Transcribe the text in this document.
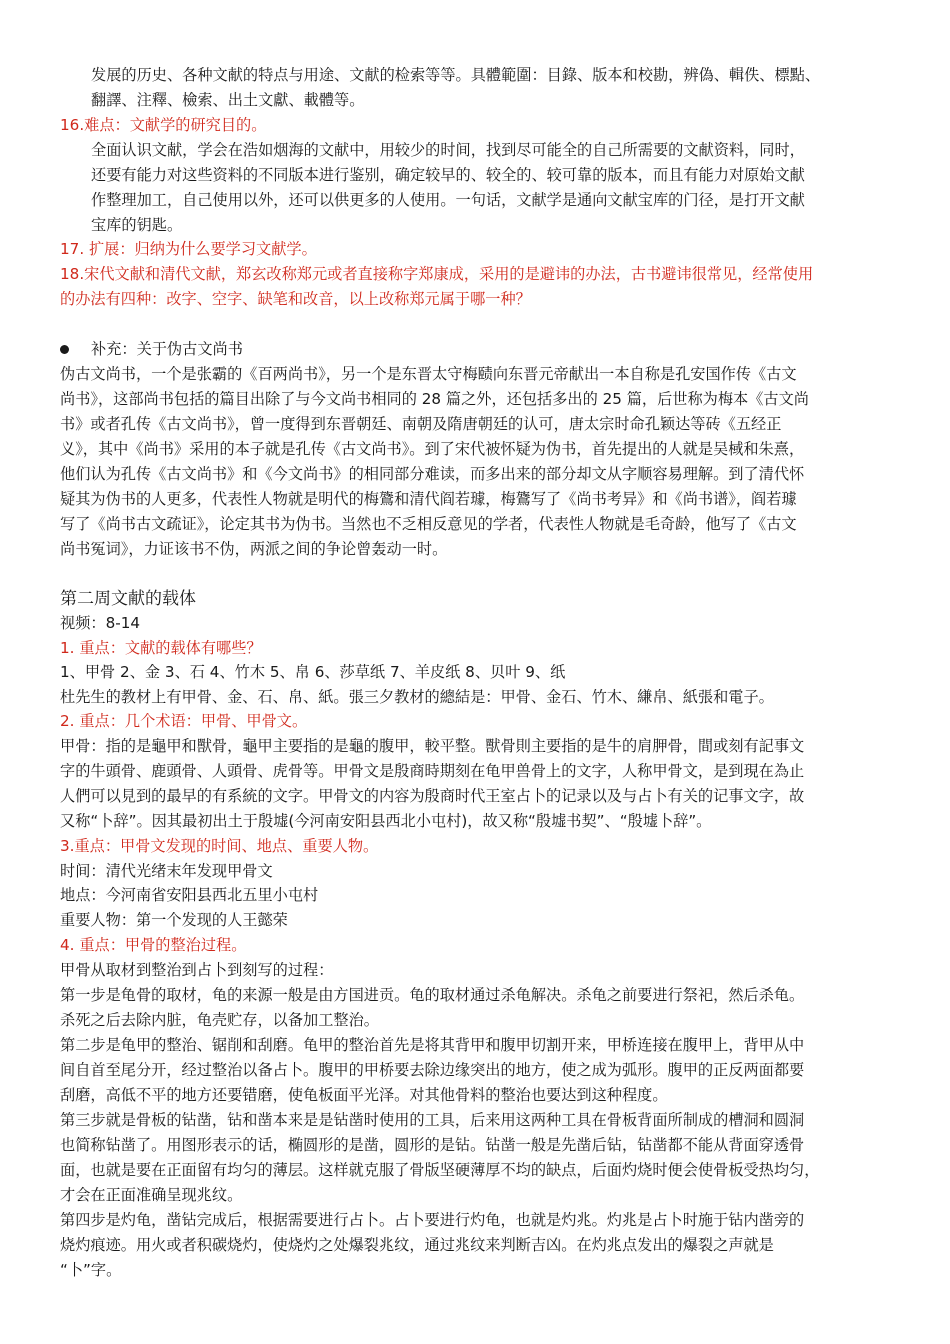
发展的历史、各种文献的特点与用途、文献的检索等等。具體範圍：目錄、版本和校勘，辨偽、輯佚、標點、
翻譯、注釋、檢索、出土文獻、載體等。
16.难点：文献学的研究目的。
全面认识文献，学会在浩如烟海的文献中，用较少的时间，找到尽可能全的自己所需要的文献资料，同时，
还要有能力对这些资料的不同版本进行鉴别，确定较早的、较全的、较可靠的版本，而且有能力对原始文献
作整理加工，自己使用以外，还可以供更多的人使用。一句话，文献学是通向文献宝库的门径，是打开文献
宝库的钥匙。
17. 扩展：归纳为什么要学习文献学。
18.宋代文献和清代文献，郑玄改称郑元或者直接称字郑康成，采用的是避讳的办法，古书避讳很常见，经常使用
的办法有四种：改字、空字、缺笔和改音，以上改称郑元属于哪一种？
补充：关于伪古文尚书
伪古文尚书，一个是张霸的《百两尚书》，另一个是东晋太守梅赜向东晋元帝献出一本自称是孔安国作传《古文
尚书》，这部尚书包括的篇目出除了与今文尚书相同的 28 篇之外，还包括多出的 25 篇，后世称为梅本《古文尚
书》或者孔传《古文尚书》，曾一度得到东晋朝廷、南朝及隋唐朝廷的认可，唐太宗时命孔颖达等砖《五经正
义》，其中《尚书》采用的本子就是孔传《古文尚书》。到了宋代被怀疑为伪书，首先提出的人就是吴棫和朱熹，
他们认为孔传《古文尚书》和《今文尚书》的相同部分难读，而多出来的部分却文从字顺容易理解。到了清代怀
疑其为伪书的人更多，代表性人物就是明代的梅鷟和清代阎若璩，梅鷟写了《尚书考异》和《尚书谱》，阎若璩
写了《尚书古文疏证》，论定其书为伪书。当然也不乏相反意见的学者，代表性人物就是毛奇龄，他写了《古文
尚书冤词》，力证该书不伪，两派之间的争论曾轰动一时。
第二周文献的载体
视频：8-14
1. 重点：文献的载体有哪些？
1、甲骨 2、金 3、石 4、竹木 5、帛 6、莎草纸 7、羊皮纸 8、贝叶 9、纸
杜先生的教材上有甲骨、金、石、帛、紙。張三夕教材的總結是：甲骨、金石、竹木、縑帛、紙張和電子。
2. 重点：几个术语：甲骨、甲骨文。
甲骨：指的是龜甲和獸骨，龜甲主要指的是龜的腹甲，較平整。獸骨則主要指的是牛的肩胛骨，間或刻有記事文
字的牛頭骨、鹿頭骨、人頭骨、虎骨等。甲骨文是殷商時期刻在龟甲兽骨上的文字，人称甲骨文，是到現在為止
人們可以見到的最早的有系統的文字。甲骨文的内容为殷商时代王室占卜的记录以及与占卜有关的记事文字，故
又称“卜辞”。因其最初出土于殷墟(今河南安阳县西北小屯村)，故又称“殷墟书契”、“殷墟卜辞”。
3.重点：甲骨文发现的时间、地点、重要人物。
时间：清代光绪末年发现甲骨文
地点：今河南省安阳县西北五里小屯村
重要人物：第一个发现的人王懿荣
4. 重点：甲骨的整治过程。
甲骨从取材到整治到占卜到刻写的过程：
第一步是龟骨的取材，龟的来源一般是由方国进贡。龟的取材通过杀龟解决。杀龟之前要进行祭祀，然后杀龟。
杀死之后去除内脏，龟壳贮存，以备加工整治。
第二步是龟甲的整治、锯削和刮磨。龟甲的整治首先是将其背甲和腹甲切割开来，甲桥连接在腹甲上，背甲从中
间自首至尾分开，经过整治以备占卜。腹甲的甲桥要去除边缘突出的地方，使之成为弧形。腹甲的正反两面都要
刮磨，高低不平的地方还要错磨，使龟板面平光泽。对其他骨料的整治也要达到这种程度。
第三步就是骨板的钻凿，钻和凿本来是是钻凿时使用的工具，后来用这两种工具在骨板背面所制成的槽洞和圆洞
也简称钻凿了。用图形表示的话，椭圆形的是凿，圆形的是钻。钻凿一般是先凿后钻，钻凿都不能从背面穿透骨
面，也就是要在正面留有均匀的薄层。这样就克服了骨版坚硬薄厚不均的缺点，后面灼烧时便会使骨板受热均匀，
才会在正面准确呈现兆纹。
第四步是灼龟，凿钻完成后，根据需要进行占卜。占卜要进行灼龟，也就是灼兆。灼兆是占卜时施于钻内凿旁的
烧灼痕迹。用火或者积碳烧灼，使烧灼之处爆裂兆纹，通过兆纹来判断吉凶。在灼兆点发出的爆裂之声就是
“卜”字。
